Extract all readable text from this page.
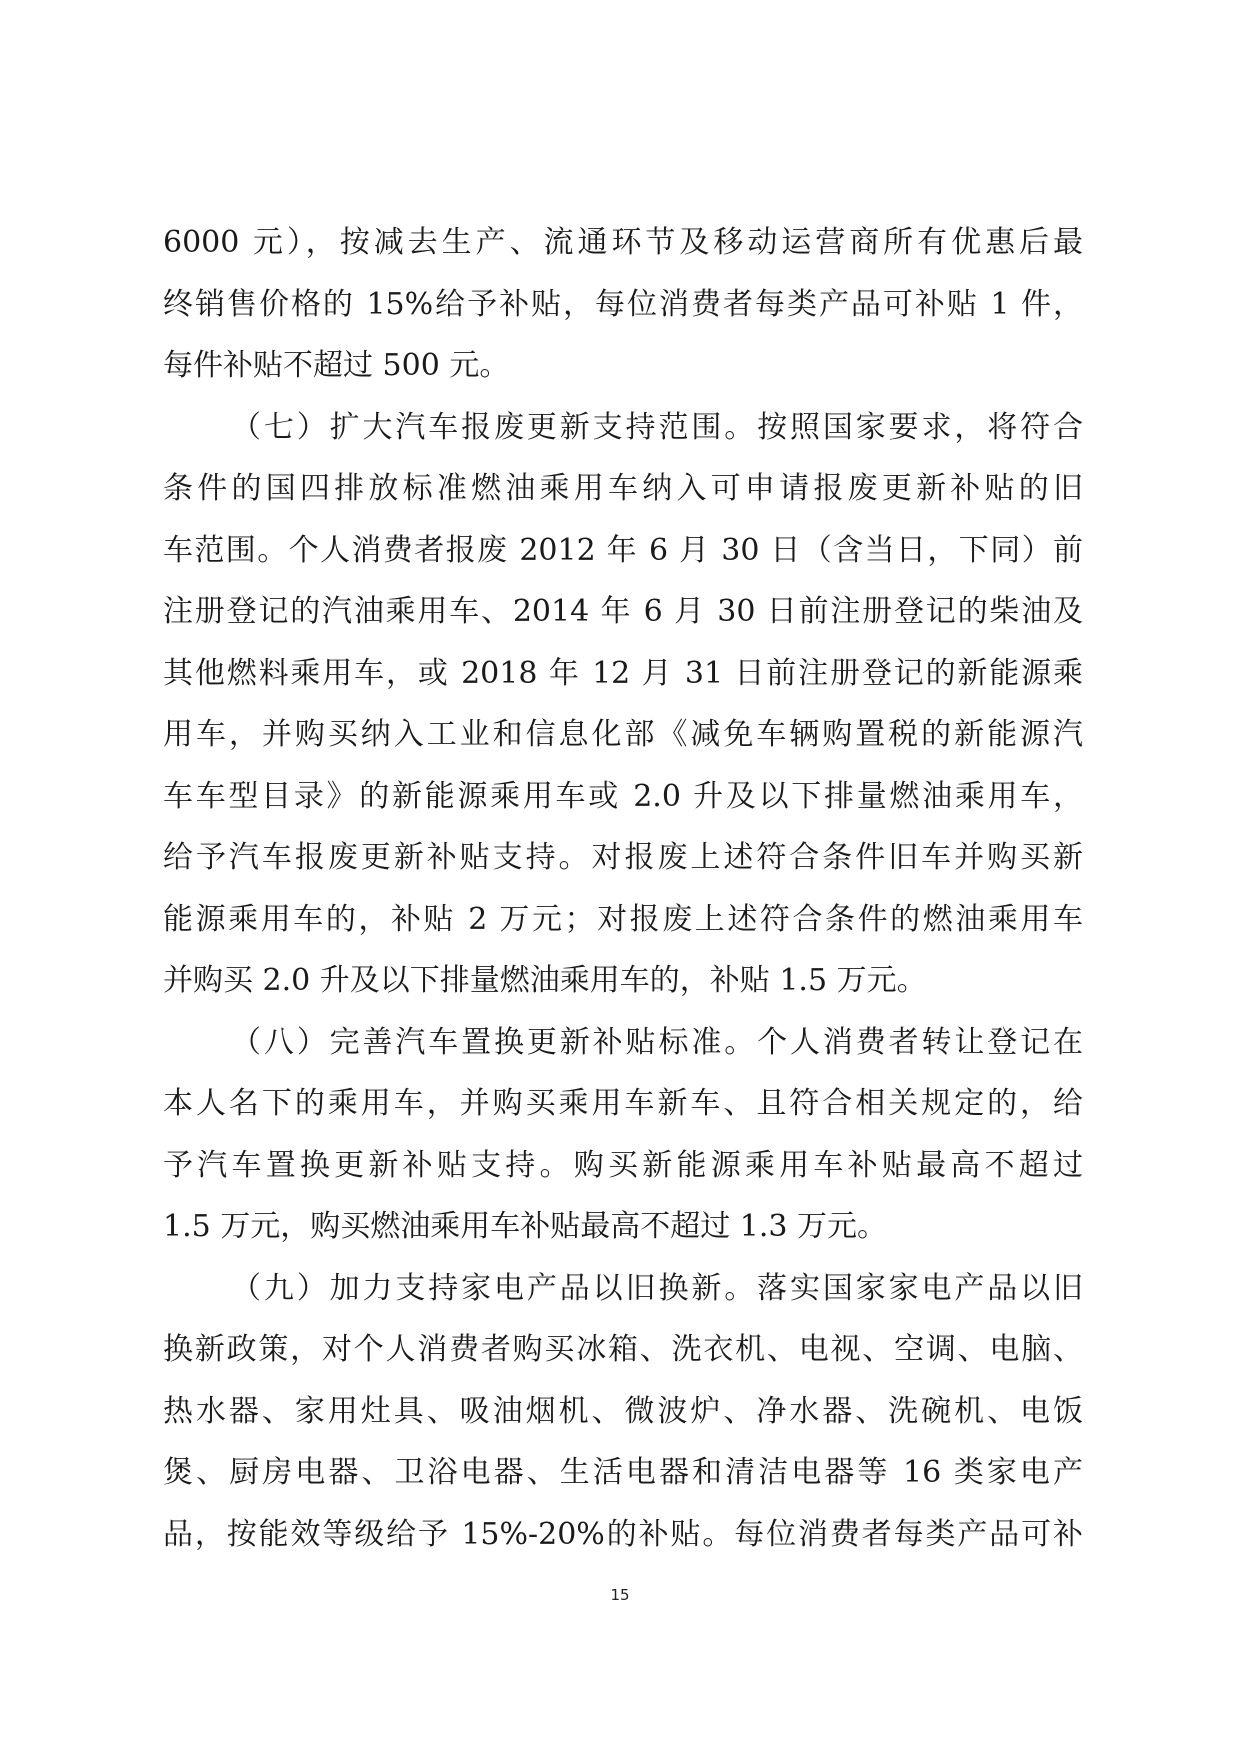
6000 元），按减去生产、流通环节及移动运营商所有优惠后最
终销售价格的 15%给予补贴，每位消费者每类产品可补贴 1 件，
每件补贴不超过 500 元。
（七）扩大汽车报废更新支持范围。按照国家要求，将符合
条件的国四排放标准燃油乘用车纳入可申请报废更新补贴的旧
车范围。个人消费者报废 2012 年 6 月 30 日（含当日，下同）前
注册登记的汽油乘用车、2014 年 6 月 30 日前注册登记的柴油及
其他燃料乘用车，或 2018 年 12 月 31 日前注册登记的新能源乘
用车，并购买纳入工业和信息化部《减免车辆购置税的新能源汽
车车型目录》的新能源乘用车或 2.0 升及以下排量燃油乘用车，
给予汽车报废更新补贴支持。对报废上述符合条件旧车并购买新
能源乘用车的，补贴 2 万元；对报废上述符合条件的燃油乘用车
并购买 2.0 升及以下排量燃油乘用车的，补贴 1.5 万元。
（八）完善汽车置换更新补贴标准。个人消费者转让登记在
本人名下的乘用车，并购买乘用车新车、且符合相关规定的，给
予汽车置换更新补贴支持。购买新能源乘用车补贴最高不超过
1.5 万元，购买燃油乘用车补贴最高不超过 1.3 万元。
（九）加力支持家电产品以旧换新。落实国家家电产品以旧
换新政策，对个人消费者购买冰箱、洗衣机、电视、空调、电脑、
热水器、家用灶具、吸油烟机、微波炉、净水器、洗碗机、电饭
煲、厨房电器、卫浴电器、生活电器和清洁电器等 16 类家电产
品，按能效等级给予 15%-20%的补贴。每位消费者每类产品可补
15
